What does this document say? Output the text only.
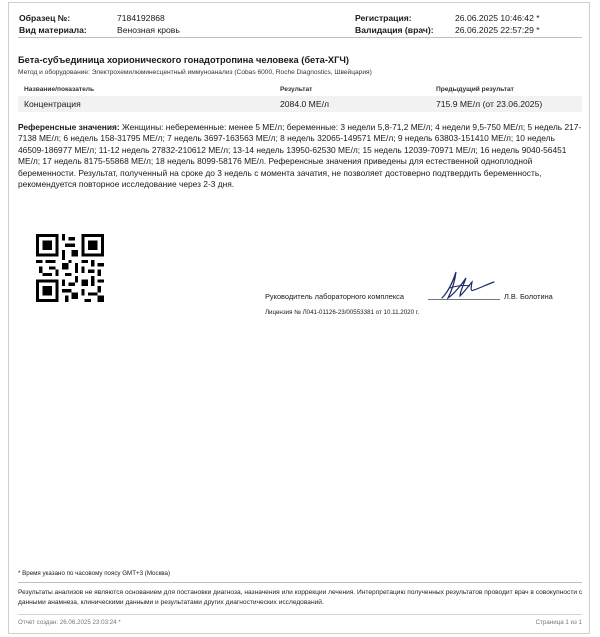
Образец №:	7184192868
Вид материала:	Венозная кровь
Регистрация:	26.06.2025 10:46:42 *
Валидация (врач): 26.06.2025 22:57:29 *
Бета-субъединица хорионического гонадотропина человека (бета-ХГЧ)
Метод и оборудование: Электрохемилюминесцентный иммуноанализ (Cobas 6000, Roche Diagnostics, Швейцария)
Название/показатель	Результат	Предыдущий результат
Концентрация	2084.0 МЕ/л	715.9 МЕ/л (от 23.06.2025)
Референсные значения: Женщины: небеременные: менее 5 МЕ/л; беременные: 3 недели 5,8-71,2 МЕ/л; 4 недели 9,5-750 МЕ/л; 5 недель 217-7138 МЕ/л; 6 недель 158-31795 МЕ/л; 7 недель 3697-163563 МЕ/л; 8 недель 32065-149571 МЕ/л; 9 недель 63803-151410 МЕ/л; 10 недель 46509-186977 МЕ/л; 11-12 недель 27832-210612 МЕ/л; 13-14 недель 13950-62530 МЕ/л; 15 недель 12039-70971 МЕ/л; 16 недель 9040-56451 МЕ/л; 17 недель 8175-55868 МЕ/л; 18 недель 8099-58176 МЕ/л. Референсные значения приведены для естественной одноплодной беременности. Результат, полученный на сроке до 3 недель с момента зачатия, не позволяет достоверно подтвердить беременность, рекомендуется повторное исследование через 2-3 дня.
Руководитель лабораторного комплекса	Л.В. Болотина
Лицензия № Л041-01126-23/00553381 от 10.11.2020 г.
* Время указано по часовому поясу GMT+3 (Москва)
Результаты анализов не являются основанием для постановки диагноза, назначения или коррекции лечения. Интерпретацию полученных результатов проводит врач в совокупности с данными анамнеза, клиническими данными и результатами других диагностических исследований.
Отчет создан: 26.06.2025 23:03:24 *	Страница 1 из 1
